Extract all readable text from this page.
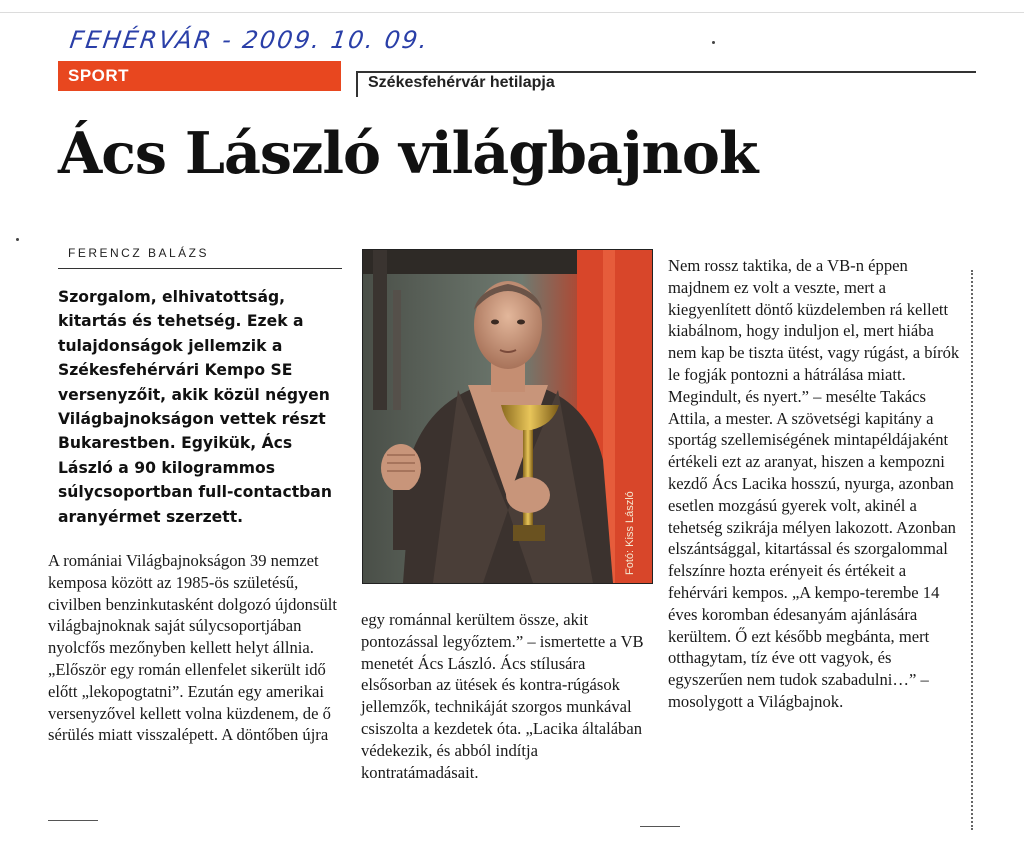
FEHÉRVÁR - 2009. 10. 09.
SPORT	Székesfehérvár hetilapja
Ács László világbajnok
FERENCZ BALÁZS
Szorgalom, elhivatottság, kitartás és tehetség. Ezek a tulajdonságok jellemzik a Székesfehérvári Kempo SE versenyzőit, akik közül négyen Világbajnokságon vettek részt Bukarestben. Egyikük, Ács László a 90 kilogrammos súlycsoportban full-contactban aranyérmet szerzett.
A romániai Világbajnokságon 39 nemzet kemposa között az 1985-ös születésű, civilben benzinkutasként dolgozó újdonsült világbajnoknak saját súlycsoportjában nyolcfős mezőnyben kellett helyt állnia. „Először egy román ellenfelet sikerült idő előtt „lekopogtatni”. Ezután egy amerikai versenyzővel kellett volna küzdenem, de ő sérülés miatt visszalépett. A döntőben újra
Fotó: Kiss László
egy románnal kerültem össze, akit pontozással legyőztem.” – ismertette a VB menetét Ács László. Ács stílusára elsősorban az ütések és kontra-rúgások jellemzők, technikáját szorgos munkával csiszolta a kezdetek óta. „Lacika általában védekezik, és abból indítja kontratámadásait.
Nem rossz taktika, de a VB-n éppen majdnem ez volt a veszte, mert a kiegyenlített döntő küzdelemben rá kellett kiabálnom, hogy induljon el, mert hiába nem kap be tiszta ütést, vagy rúgást, a bírók le fogják pontozni a hátrálása miatt. Megindult, és nyert.” – mesélte Takács Attila, a mester. A szövetségi kapitány a sportág szellemiségének mintapéldájaként értékeli ezt az aranyat, hiszen a kempozni kezdő Ács Lacika hosszú, nyurga, azonban esetlen mozgású gyerek volt, akinél a tehetség szikrája mélyen lakozott. Azonban elszántsággal, kitartással és szorgalommal felszínre hozta erényeit és értékeit a fehérvári kempos. „A kempo-terembe 14 éves koromban édesanyám ajánlására kerültem. Ő ezt később megbánta, mert otthagytam, tíz éve ott vagyok, és egyszerűen nem tudok szabadulni…” – mosolygott a Világbajnok.
